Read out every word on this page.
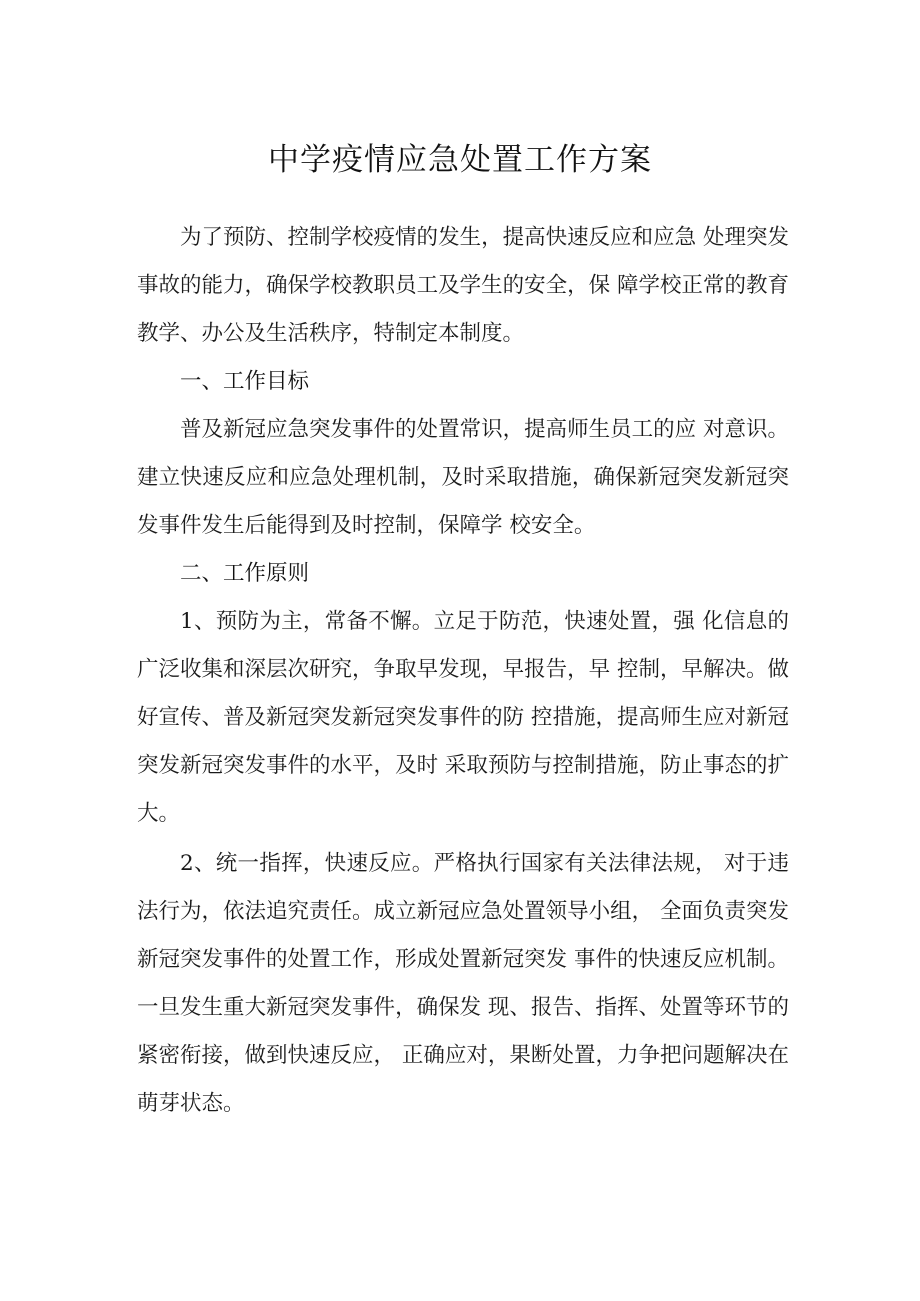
中学疫情应急处置工作方案

为了预防、控制学校疫情的发生，提高快速反应和应急 处理突发事故的能力，确保学校教职员工及学生的安全，保 障学校正常的教育教学、办公及生活秩序，特制定本制度。

一、工作目标

普及新冠应急突发事件的处置常识，提高师生员工的应 对意识。 建立快速反应和应急处理机制，及时采取措施，确保新冠突发新冠突发事件发生后能得到及时控制，保障学 校安全。

二、工作原则

1、预防为主，常备不懈。立足于防范，快速处置，强 化信息的广泛收集和深层次研究，争取早发现，早报告，早 控制，早解决。做好宣传、普及新冠突发新冠突发事件的防 控措施，提高师生应对新冠突发新冠突发事件的水平，及时 采取预防与控制措施，防止事态的扩大。

2、统一指挥，快速反应。严格执行国家有关法律法规， 对于违法行为，依法追究责任。成立新冠应急处置领导小组， 全面负责突发新冠突发事件的处置工作，形成处置新冠突发 事件的快速反应机制。一旦发生重大新冠突发事件，确保发 现、报告、指挥、处置等环节的紧密衔接，做到快速反应， 正确应对，果断处置，力争把问题解决在萌芽状态。
